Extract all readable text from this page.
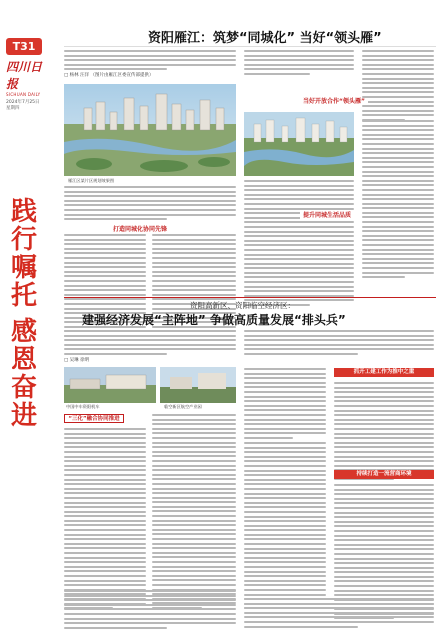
T31
四川日报
SICHUAN DAILY
2024年7月25日
星期四
资阳雁江：筑梦“同城化” 当好“领头雁”
□ 杨林 汪洋 （图片由雁江区委宣传部提供）
雁江区某片区规划效果图
当好开放合作“领头雁”
打造同城化协同先锋
践行嘱托
感恩奋进
提升同城生活品质
资阳高新区、资阳临空经济区：
建强经济发展“主阵地” 争做高质量发展“排头兵”
□ 吴琳 徐明
中国中车资阳机车	临空新区航空产业园
抓开工建工作为推中之重
“三化”融合协同推进
持续打造一流营商环境
